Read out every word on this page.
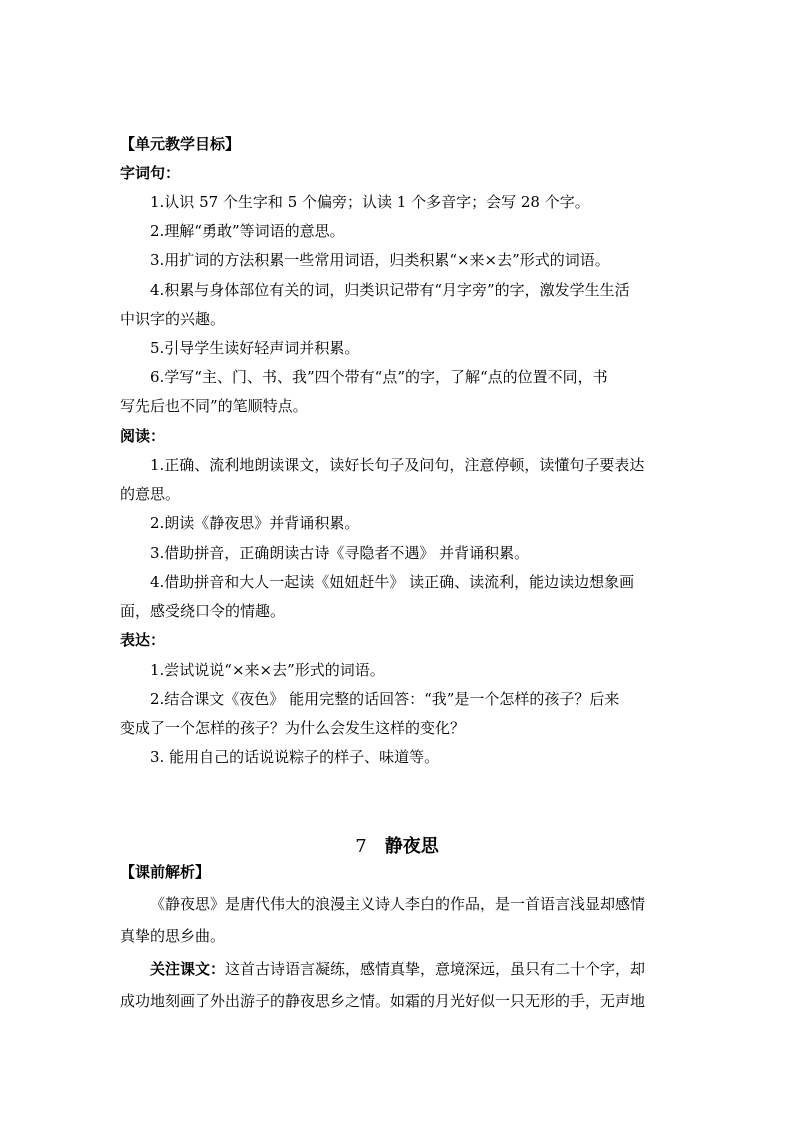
【单元教学目标】
字词句：
1.认识 57 个生字和 5 个偏旁；认读 1 个多音字；会写 28 个字。
2.理解“勇敢”等词语的意思。
3.用扩词的方法积累一些常用词语，归类积累“×来×去”形式的词语。
4.积累与身体部位有关的词，归类识记带有“月字旁”的字，激发学生生活
中识字的兴趣。
5.引导学生读好轻声词并积累。
6.学写“主、门、书、我”四个带有“点”的字，了解“点的位置不同，书
写先后也不同”的笔顺特点。
阅读：
1.正确、流利地朗读课文，读好长句子及问句，注意停顿，读懂句子要表达
的意思。
2.朗读《静夜思》并背诵积累。
3.借助拼音，正确朗读古诗《寻隐者不遇》 并背诵积累。
4.借助拼音和大人一起读《妞妞赶牛》 读正确、读流利，能边读边想象画
面，感受绕口令的情趣。
表达：
1.尝试说说“×来×去”形式的词语。
2.结合课文《夜色》 能用完整的话回答：“我”是一个怎样的孩子？后来
变成了一个怎样的孩子？为什么会发生这样的变化？
3. 能用自己的话说说粽子的样子、味道等。
7 静夜思
【课前解析】
《静夜思》是唐代伟大的浪漫主义诗人李白的作品，是一首语言浅显却感情
真挚的思乡曲。
关注课文：这首古诗语言凝练，感情真挚，意境深远，虽只有二十个字，却
成功地刻画了外出游子的静夜思乡之情。如霜的月光好似一只无形的手，无声地
